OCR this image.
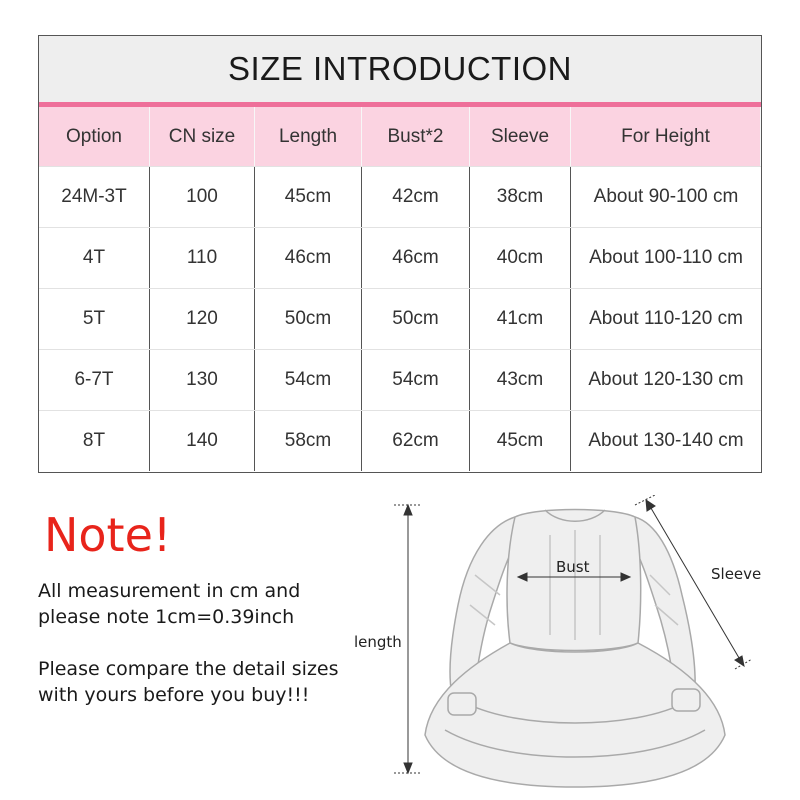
SIZE INTRODUCTION
Option	CN size	Length	Bust*2	Sleeve	For Height
24M-3T	100	45cm	42cm	38cm	About 90-100 cm
4T	110	46cm	46cm	40cm	About 100-110 cm
5T	120	50cm	50cm	41cm	About 110-120 cm
6-7T	130	54cm	54cm	43cm	About 120-130 cm
8T	140	58cm	62cm	45cm	About 130-140 cm
Note!
All measurement in cm and
please note 1cm=0.39inch
Please compare the detail sizes
with yours before you buy!!!
length
Bust	Sleeve
